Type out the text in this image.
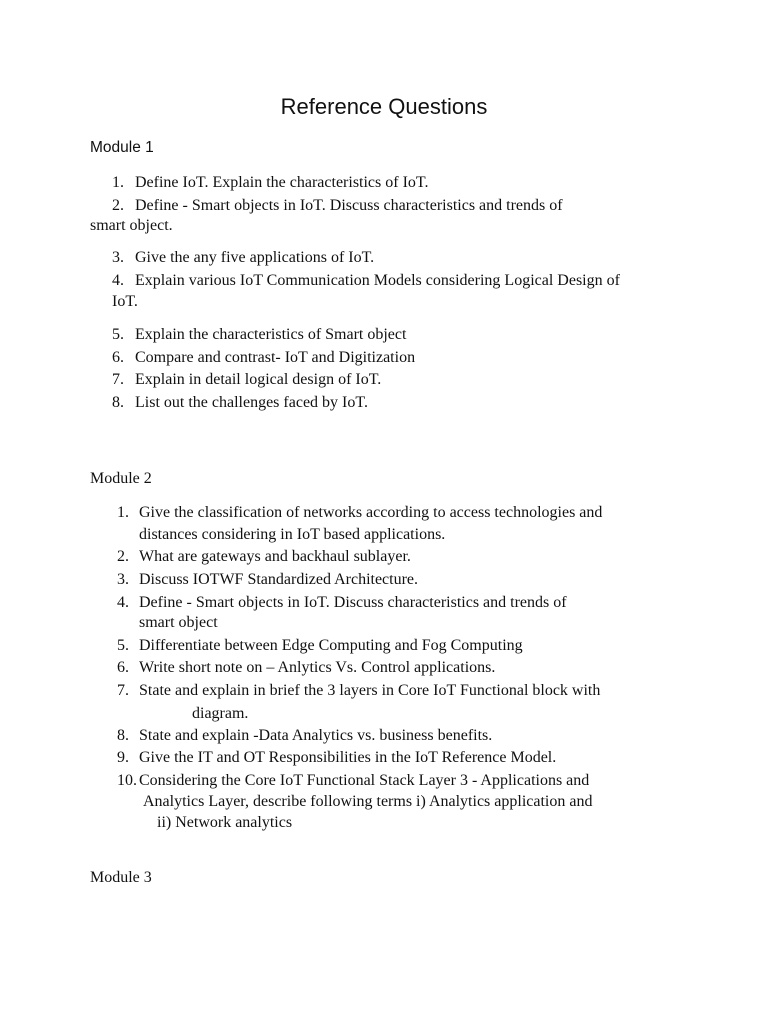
Reference Questions
Module 1
1. Define IoT. Explain the characteristics of IoT.
2. Define - Smart objects in IoT. Discuss characteristics and trends of
smart object.
3. Give the any five applications of IoT.
4. Explain various IoT Communication Models considering Logical Design of
IoT.
5. Explain the characteristics of Smart object
6. Compare and contrast- IoT and Digitization
7. Explain in detail logical design of IoT.
8. List out the challenges faced by IoT.
Module 2
1. Give the classification of networks according to access technologies and
distances considering in IoT based applications.
2. What are gateways and backhaul sublayer.
3. Discuss IOTWF Standardized Architecture.
4. Define - Smart objects in IoT. Discuss characteristics and trends of
smart object
5. Differentiate between Edge Computing and Fog Computing
6. Write short note on – Anlytics Vs. Control applications.
7. State and explain in brief the 3 layers in Core IoT Functional block with
diagram.
8. State and explain -Data Analytics vs. business benefits.
9. Give the IT and OT Responsibilities in the IoT Reference Model.
10. Considering the Core IoT Functional Stack Layer 3 - Applications and
Analytics Layer, describe following terms i) Analytics application and
ii) Network analytics
Module 3
